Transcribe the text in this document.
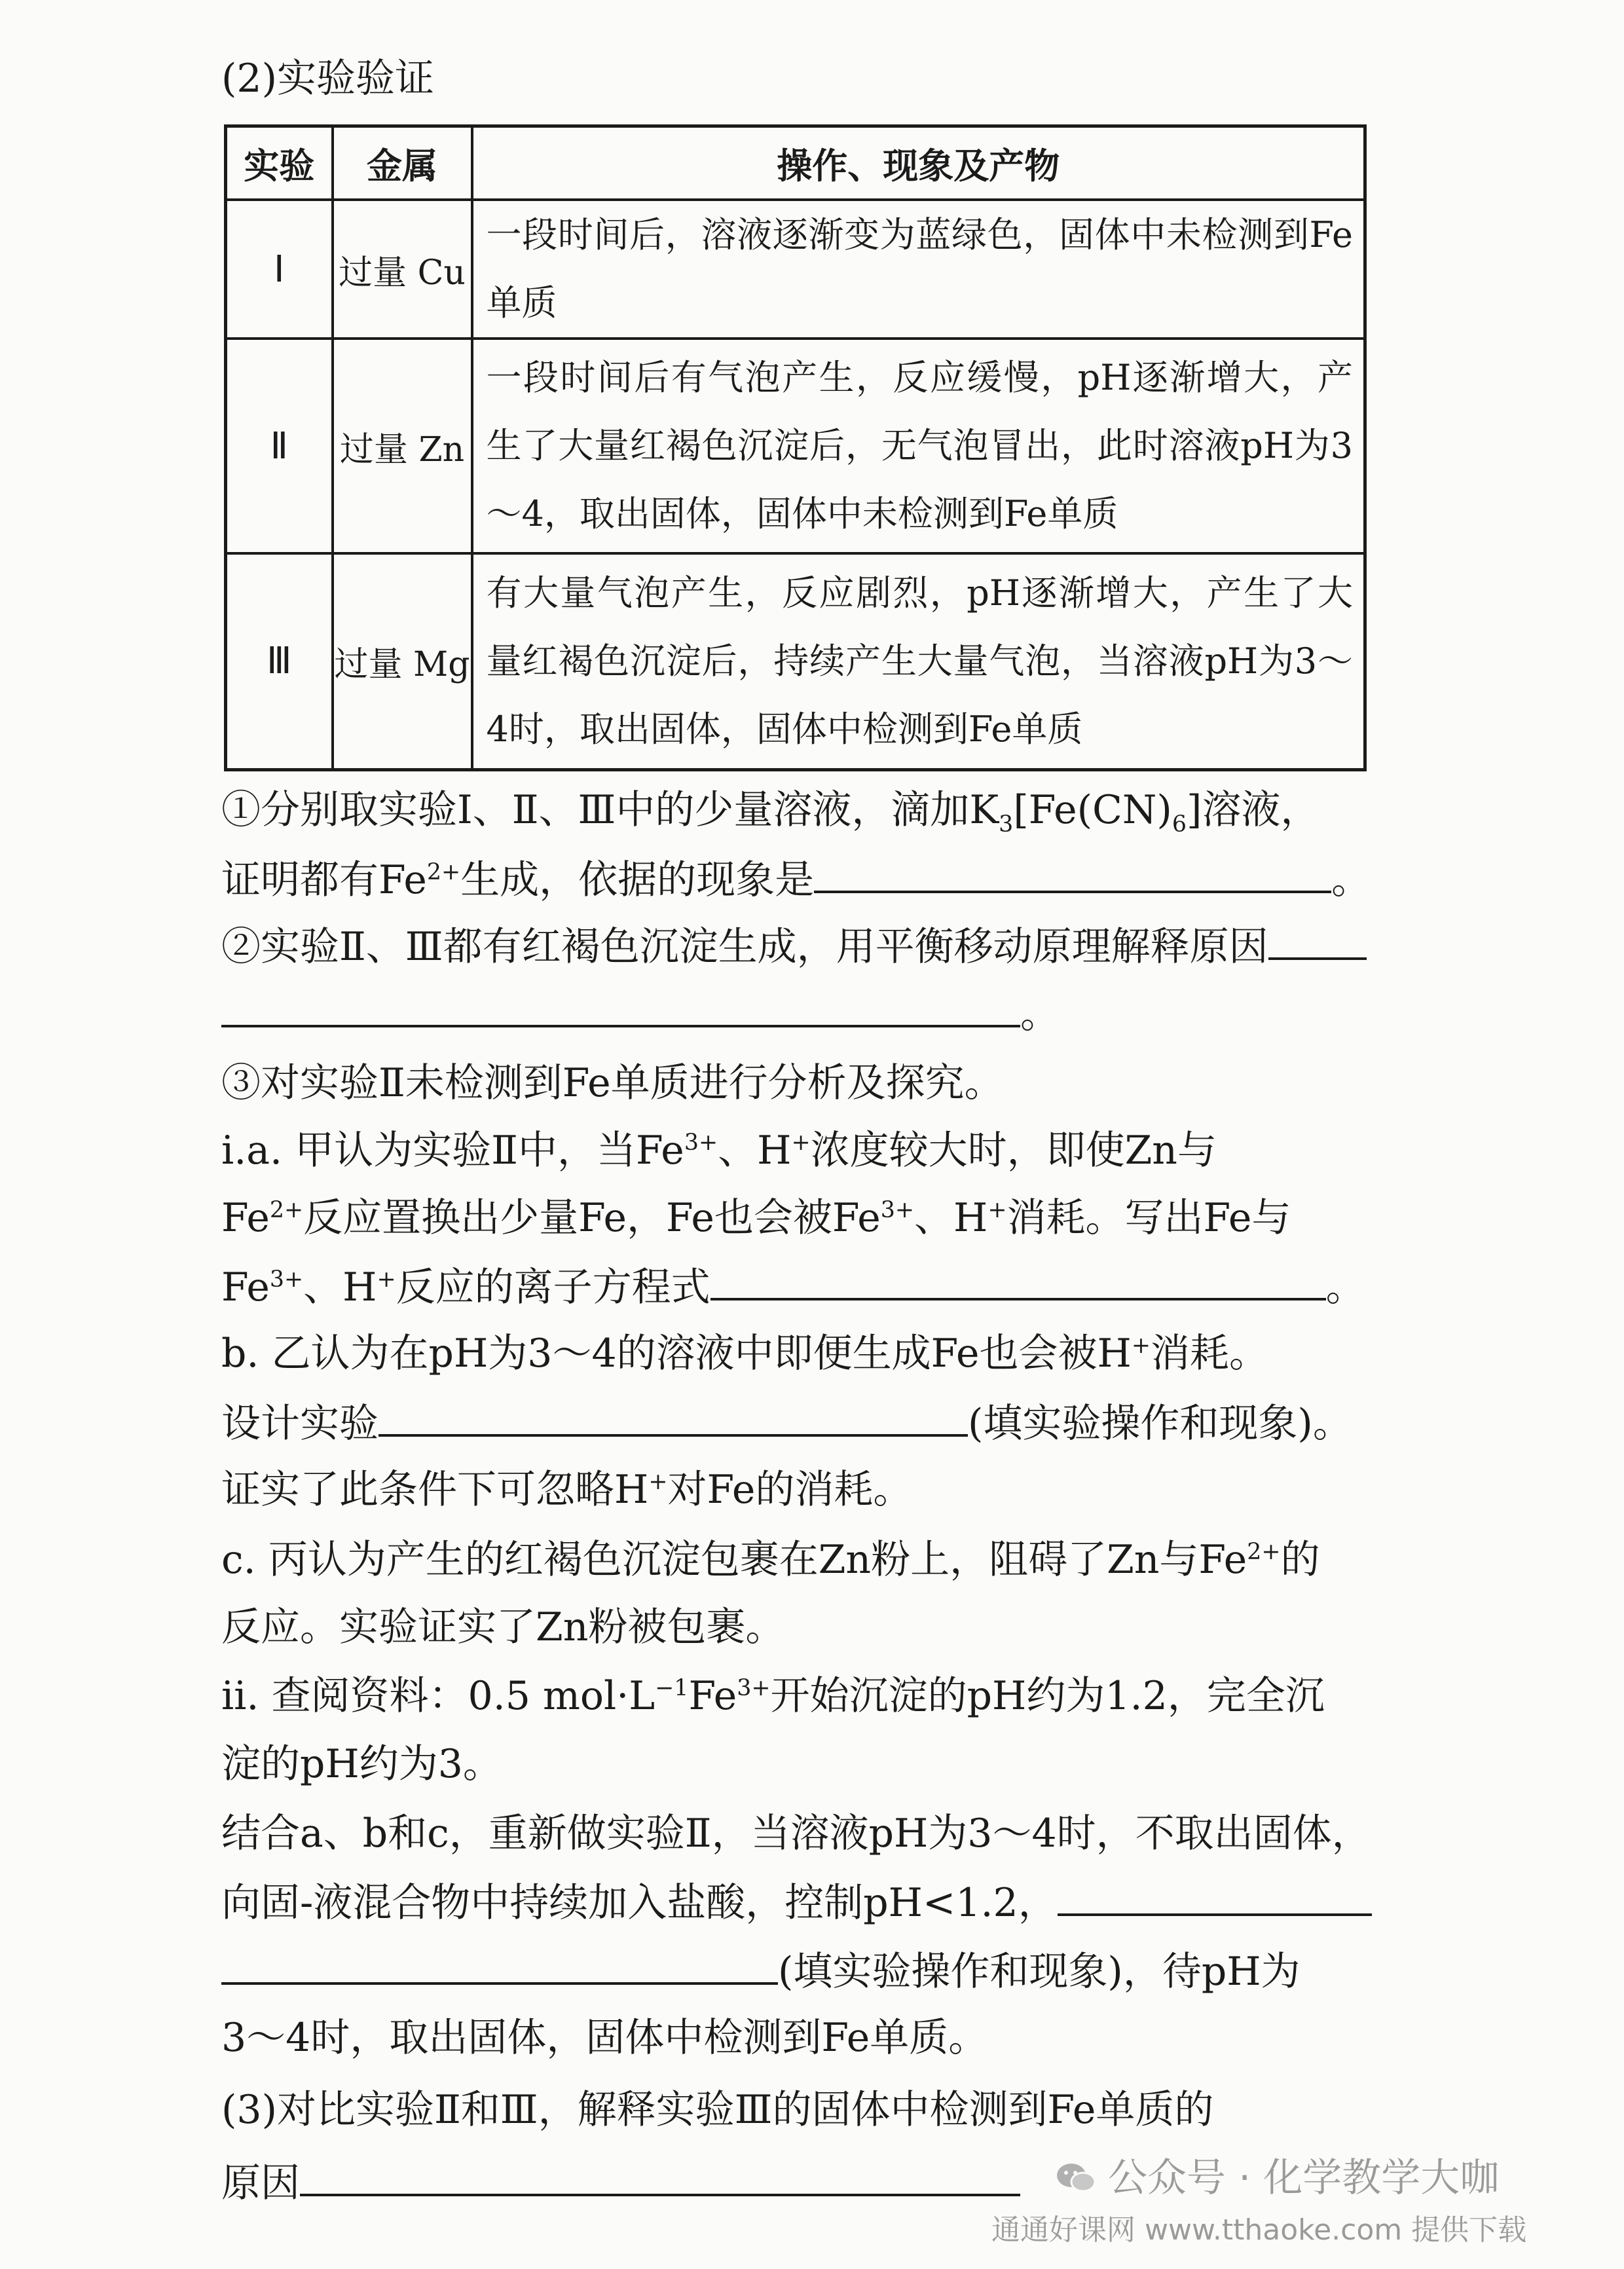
(2)实验验证
实验	金属	操作、现象及产物
Ⅰ	过量 Cu	一段时间后，溶液逐渐变为蓝绿色，固体中未检测到Fe单质
Ⅱ	过量 Zn	一段时间后有气泡产生，反应缓慢，pH逐渐增大，产生了大量红褐色沉淀后，无气泡冒出，此时溶液pH为3～4，取出固体，固体中未检测到Fe单质
Ⅲ	过量 Mg	有大量气泡产生，反应剧烈，pH逐渐增大，产生了大量红褐色沉淀后，持续产生大量气泡，当溶液pH为3～4时，取出固体，固体中检测到Fe单质
①分别取实验Ⅰ、Ⅱ、Ⅲ中的少量溶液，滴加$K_3[Fe(CN)_6]$溶液，
证明都有$Fe^{2+}$生成，依据的现象是	。
②实验Ⅱ、Ⅲ都有红褐色沉淀生成，用平衡移动原理解释原因
。
③对实验Ⅱ未检测到Fe单质进行分析及探究。
ⅰ.a. 甲认为实验Ⅱ中，当$Fe^{3+}$、H+浓度较大时，即使Zn与
$Fe^{2+}$反应置换出少量Fe，Fe也会被$Fe^{3+}$、H+消耗。写出Fe与
$Fe^{3+}$、H+反应的离子方程式	。
b. 乙认为在pH为3～4的溶液中即便生成Fe也会被H+消耗。
设计实验	(填实验操作和现象)。
证实了此条件下可忽略H+对Fe的消耗。
c. 丙认为产生的红褐色沉淀包裹在Zn粉上，阻碍了Zn与$Fe^{2+}$的
反应。实验证实了Zn粉被包裹。
ⅱ. 查阅资料：0.5 $mol\cdot L^{-1}Fe^{3+}$开始沉淀的pH约为1.2，完全沉
淀的pH约为3。
结合a、b和c，重新做实验Ⅱ，当溶液pH为3～4时，不取出固体，
向固-液混合物中持续加入盐酸，控制pH<1.2，
(填实验操作和现象)，待pH为
3～4时，取出固体，固体中检测到Fe单质。
(3)对比实验Ⅱ和Ⅲ，解释实验Ⅲ的固体中检测到Fe单质的
原因	公众号 · 化学教学大咖
通通好课网 www.tthaoke.com 提供下载
